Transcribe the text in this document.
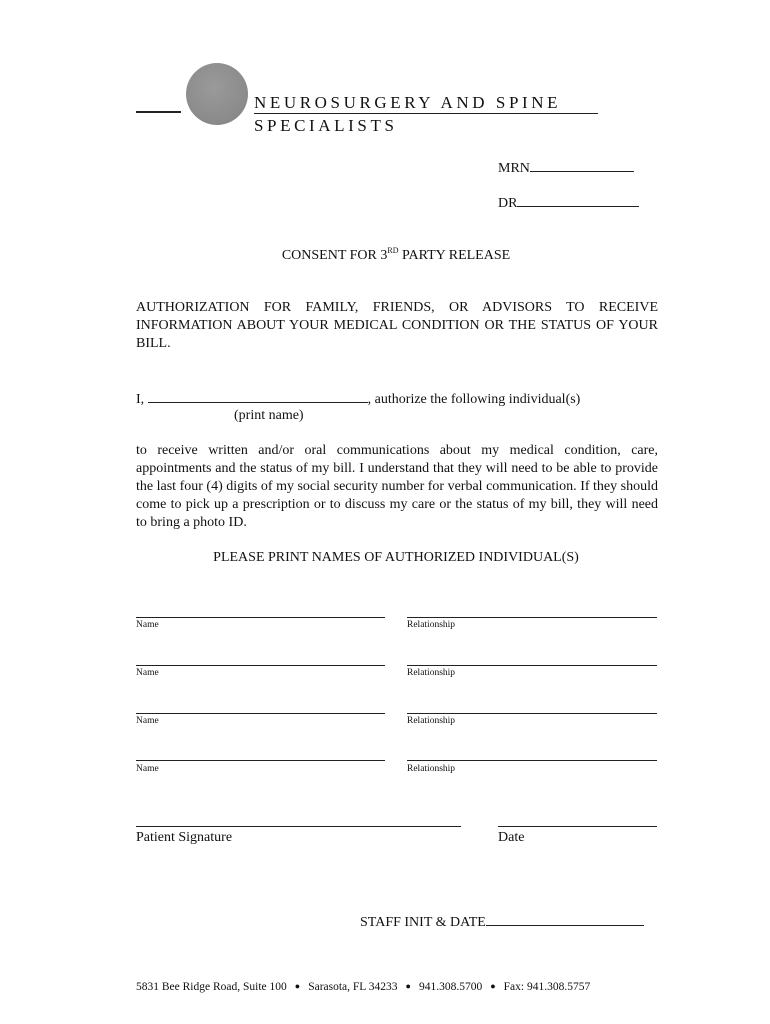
NEUROSURGERY AND SPINE
SPECIALISTS
MRN
DR
CONSENT FOR 3RD PARTY RELEASE
AUTHORIZATION FOR FAMILY, FRIENDS, OR ADVISORS TO RECEIVE INFORMATION ABOUT YOUR MEDICAL CONDITION OR THE STATUS OF YOUR BILL.
I,	, authorize the following individual(s)
(print name)
to receive written and/or oral communications about my medical condition, care, appointments and the status of my bill. I understand that they will need to be able to provide the last four (4) digits of my social security number for verbal communication. If they should come to pick up a prescription or to discuss my care or the status of my bill, they will need to bring a photo ID.
PLEASE PRINT NAMES OF AUTHORIZED INDIVIDUAL(S)
Name	Relationship
Name	Relationship
Name	Relationship
Name	Relationship
Patient Signature	Date
STAFF INIT & DATE
5831 Bee Ridge Road, Suite 100 ● Sarasota, FL 34233 ● 941.308.5700 ● Fax: 941.308.5757
